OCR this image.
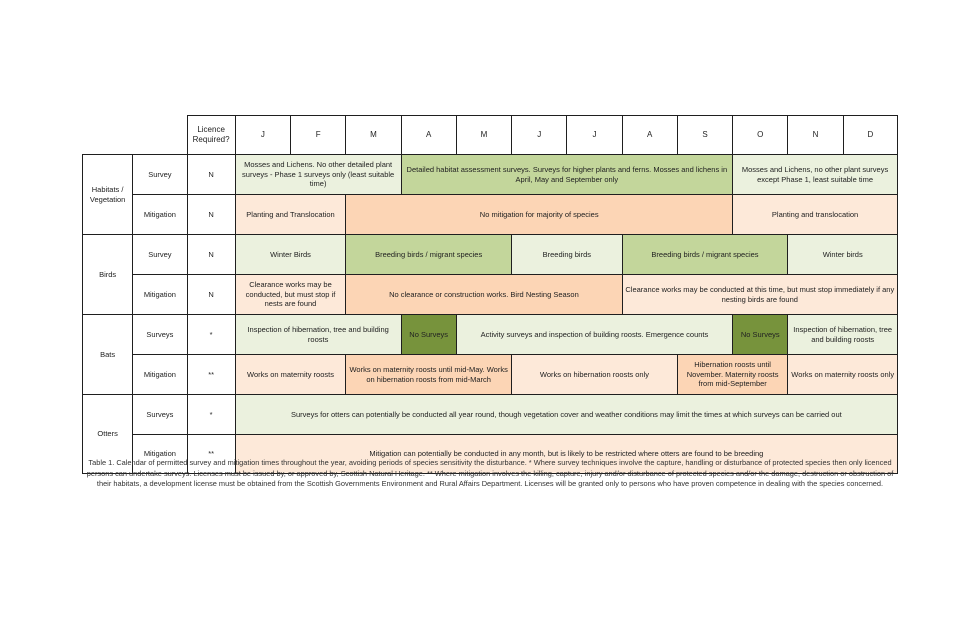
		Licence Required?	J	F	M	A	M	J	J	A	S	O	N	D
Habitats / Vegetation	Survey	N	Mosses and Lichens. No other detailed plant surveys - Phase 1 surveys only (least suitable time)			Detailed habitat assessment surveys. Surveys for higher plants and ferns. Mosses and lichens in April, May and September only						Mosses and Lichens, no other plant surveys except Phase 1, least suitable time		
	Mitigation	N	Planting and Translocation		No mitigation for majority of species							Planting and translocation		
Birds	Survey	N	Winter Birds		Breeding birds / migrant species			Breeding birds		Breeding birds / migrant species			Winter birds	
	Mitigation	N	Clearance works may be conducted, but must stop if nests are found		No clearance or construction works. Bird Nesting Season					Clearance works may be conducted at this time, but must stop immediately if any nesting birds are found				
Bats	Surveys	*	Inspection of hibernation, tree and building roosts			No Surveys	Activity surveys and inspection of building roosts. Emergence counts					No Surveys	Inspection of hibernation, tree and building roosts	
	Mitigation	**	Works on maternity roosts		Works on maternity roosts until mid-May. Works on hibernation roosts from mid-March			Works on hibernation roosts only			Hibernation roosts until November. Maternity roosts from mid-September		Works on maternity roosts only	
Otters	Surveys	*	Surveys for otters can potentially be conducted all year round, though vegetation cover and weather conditions may limit the times at which surveys can be carried out											
	Mitigation	**	Mitigation can potentially be conducted in any month, but is likely to be restricted where otters are found to be breeding											

Table 1. Calendar of permitted survey and mitigation times throughout the year, avoiding periods of species sensitivity the disturbance. * Where survey techniques involve the capture, handling or disturbance of protected species then only licenced persons can undertake surveys. Licenses must be issued by, or approved by, Scottish Natural Heritage. ** Where mitigation involves the killing, capture, injury and/or disturbance of protected species and/or the damage, destruction or obstruction of their habitats, a development license must be obtained from the Scottish Governments Environment and Rural Affairs Department. Licenses will be granted only to persons who have proven competence in dealing with the species concerned.
